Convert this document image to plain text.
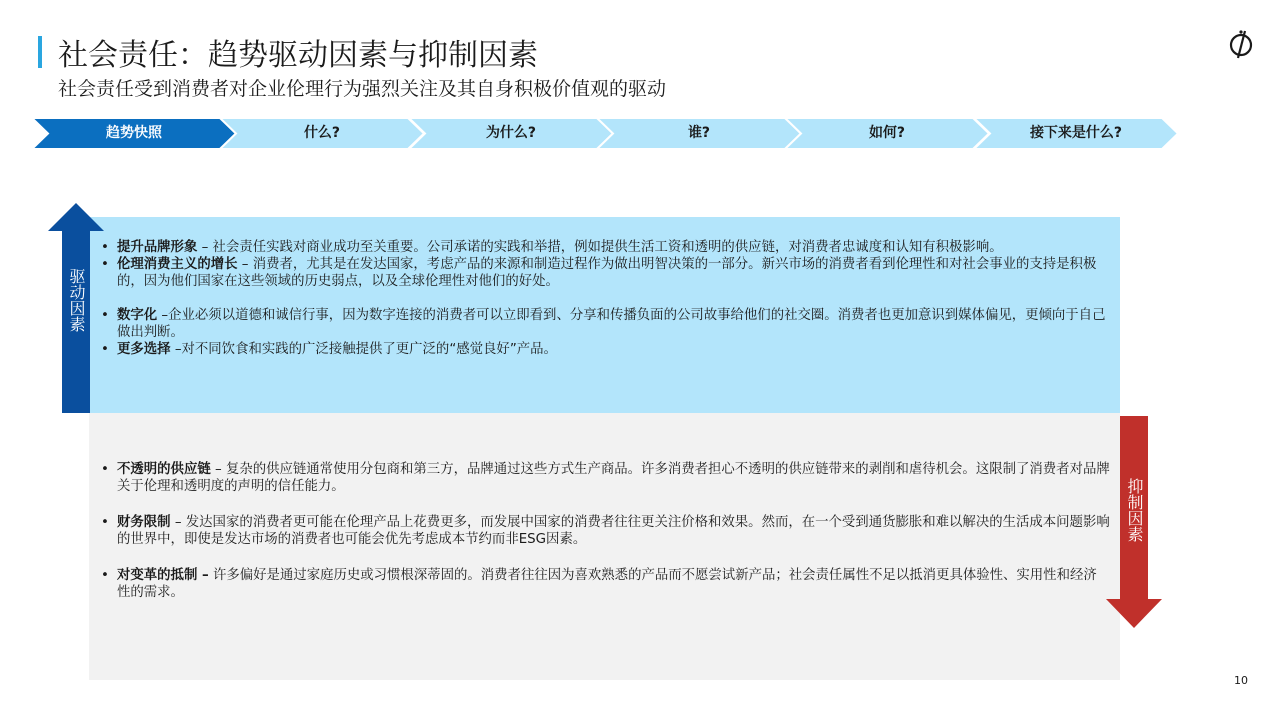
社会责任：趋势驱动因素与抑制因素
社会责任受到消费者对企业伦理行为强烈关注及其自身积极价值观的驱动
趋势快照	什么?	为什么?	谁?	如何?	接下来是什么?
驱动因素
抑制因素
• 提升品牌形象 – 社会责任实践对商业成功至关重要。公司承诺的实践和举措，例如提供生活工资和透明的供应链，对消费者忠诚度和认知有积极影响。
• 伦理消费主义的增长 – 消费者，尤其是在发达国家，考虑产品的来源和制造过程作为做出明智决策的一部分。新兴市场的消费者看到伦理性和对社会事业的支持是积极的，因为他们国家在这些领域的历史弱点，以及全球伦理性对他们的好处。
• 数字化 –企业必须以道德和诚信行事，因为数字连接的消费者可以立即看到、分享和传播负面的公司故事给他们的社交圈。消费者也更加意识到媒体偏见，更倾向于自己做出判断。
• 更多选择 –对不同饮食和实践的广泛接触提供了更广泛的“感觉良好”产品。
• 不透明的供应链 – 复杂的供应链通常使用分包商和第三方，品牌通过这些方式生产商品。许多消费者担心不透明的供应链带来的剥削和虐待机会。这限制了消费者对品牌关于伦理和透明度的声明的信任能力。
• 财务限制 – 发达国家的消费者更可能在伦理产品上花费更多，而发展中国家的消费者往往更关注价格和效果。然而，在一个受到通货膨胀和难以解决的生活成本问题影响的世界中，即使是发达市场的消费者也可能会优先考虑成本节约而非ESG因素。
• 对变革的抵制 – 许多偏好是通过家庭历史或习惯根深蒂固的。消费者往往因为喜欢熟悉的产品而不愿尝试新产品；社会责任属性不足以抵消更具体验性、实用性和经济性的需求。
10
